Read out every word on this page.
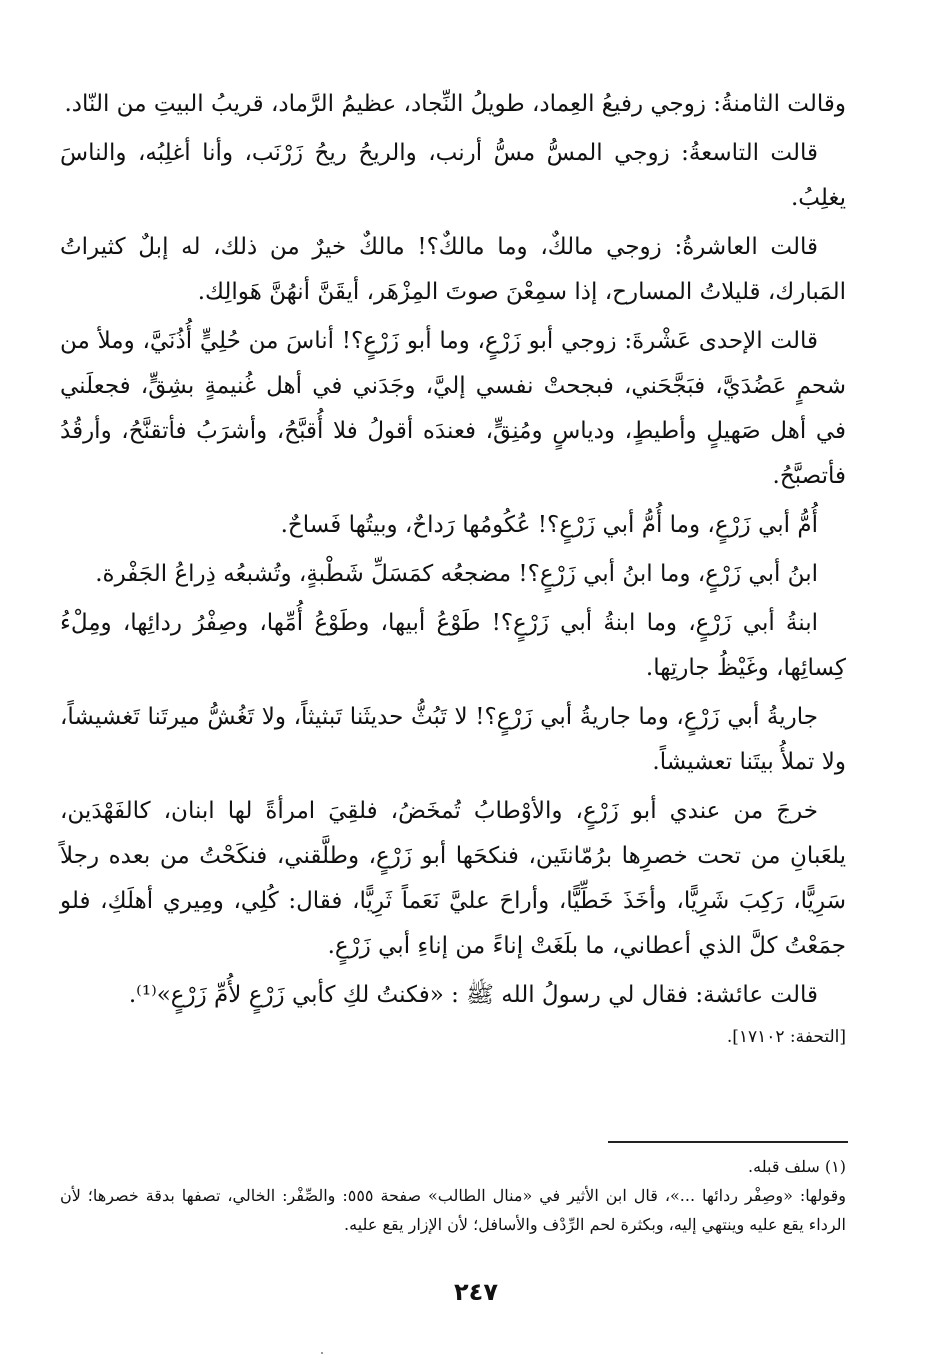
وقالت الثامنةُ: زوجي رفيعُ العِماد، طويلُ النِّجاد، عظيمُ الرَّماد، قريبُ البيتِ من النّاد.

قالت التاسعةُ: زوجي المسُّ مسُّ أرنب، والريحُ ريحُ زَرْنَب، وأنا أغلِبُه، والناسَ يغلِبُ.

قالت العاشرةُ: زوجي مالكٌ، وما مالكٌ؟! مالكٌ خيرٌ من ذلك، له إبلٌ كثيراتُ المَبارك، قليلاتُ المسارح، إذا سمِعْنَ صوتَ المِزْهَر، أيقَنَّ أنهُنَّ هَوالِك.

قالت الإحدى عَشْرةَ: زوجي أبو زَرْعٍ، وما أبو زَرْعٍ؟! أناسَ من حُلِيٍّ أُذُنَيَّ، وملأ من شحمٍ عَضُدَيَّ، فبَجَّحَني، فبجحتْ نفسي إليَّ، وجَدَني في أهل غُنيمةٍ بشِقٍّ، فجعلَني في أهل صَهيلٍ وأطيطٍ، ودياسٍ ومُنِقٍّ، فعندَه أقولُ فلا أُقبَّحُ، وأشرَبُ فأتقنَّحُ، وأرقُدُ فأتصبَّحُ.

أُمُّ أبي زَرْعٍ، وما أُمُّ أبي زَرْعٍ؟! عُكُومُها رَداحٌ، وبيتُها فَساحٌ.

ابنُ أبي زَرْعٍ، وما ابنُ أبي زَرْعٍ؟! مضجعُه كمَسَلِّ شَطْبةٍ، وتُشبعُه ذِراعُ الجَفْرة.

ابنةُ أبي زَرْعٍ، وما ابنةُ أبي زَرْعٍ؟! طَوْعُ أبيها، وطَوْعُ أُمِّها، وصِفْرُ ردائِها، ومِلْءُ كِسائِها، وغَيْظُ جارتِها.

جاريةُ أبي زَرْعٍ، وما جاريةُ أبي زَرْعٍ؟! لا تَبُثُّ حديثَنا تَبثيثاً، ولا تَغُشُّ ميرتَنا تَغشيشاً، ولا تملأُ بيتَنا تعشيشاً.

خرجَ من عندي أبو زَرْعٍ، والأوْطابُ تُمخَضُ، فلقِيَ امرأةً لها ابنان، كالفَهْدَين، يلعَبانِ من تحت خصرِها برُمّانتَين، فنكحَها أبو زَرْعٍ، وطلَّقني، فنكَحْتُ من بعده رجلاً سَرِيًّا، رَكِبَ شَرِيًّا، وأخَذَ خَطِّيًّا، وأراحَ عليَّ نَعَماً ثَرِيًّا، فقال: كُلِي، ومِيري أهلَكِ، فلو جمَعْتُ كلَّ الذي أعطاني، ما بلَغَتْ إناءً من إناءِ أبي زَرْعٍ.

قالت عائشة: فقال لي رسولُ الله ﷺ : «فكنتُ لكِ كأبي زَرْعٍ لأُمِّ زَرْعٍ»⁽¹⁾.

[التحفة: ١٧١٠٢].

(١) سلف قبله.

وقولها: «وصِفْر ردائها ...»، قال ابن الأثير في «منال الطالب» صفحة ٥٥٥: والصِّفْر: الخالي، تصفها بدقة خصرها؛ لأن الرداء يقع عليه وينتهي إليه، وبكثرة لحم الرِّدْف والأسافل؛ لأن الإزار يقع عليه.

٢٤٧
